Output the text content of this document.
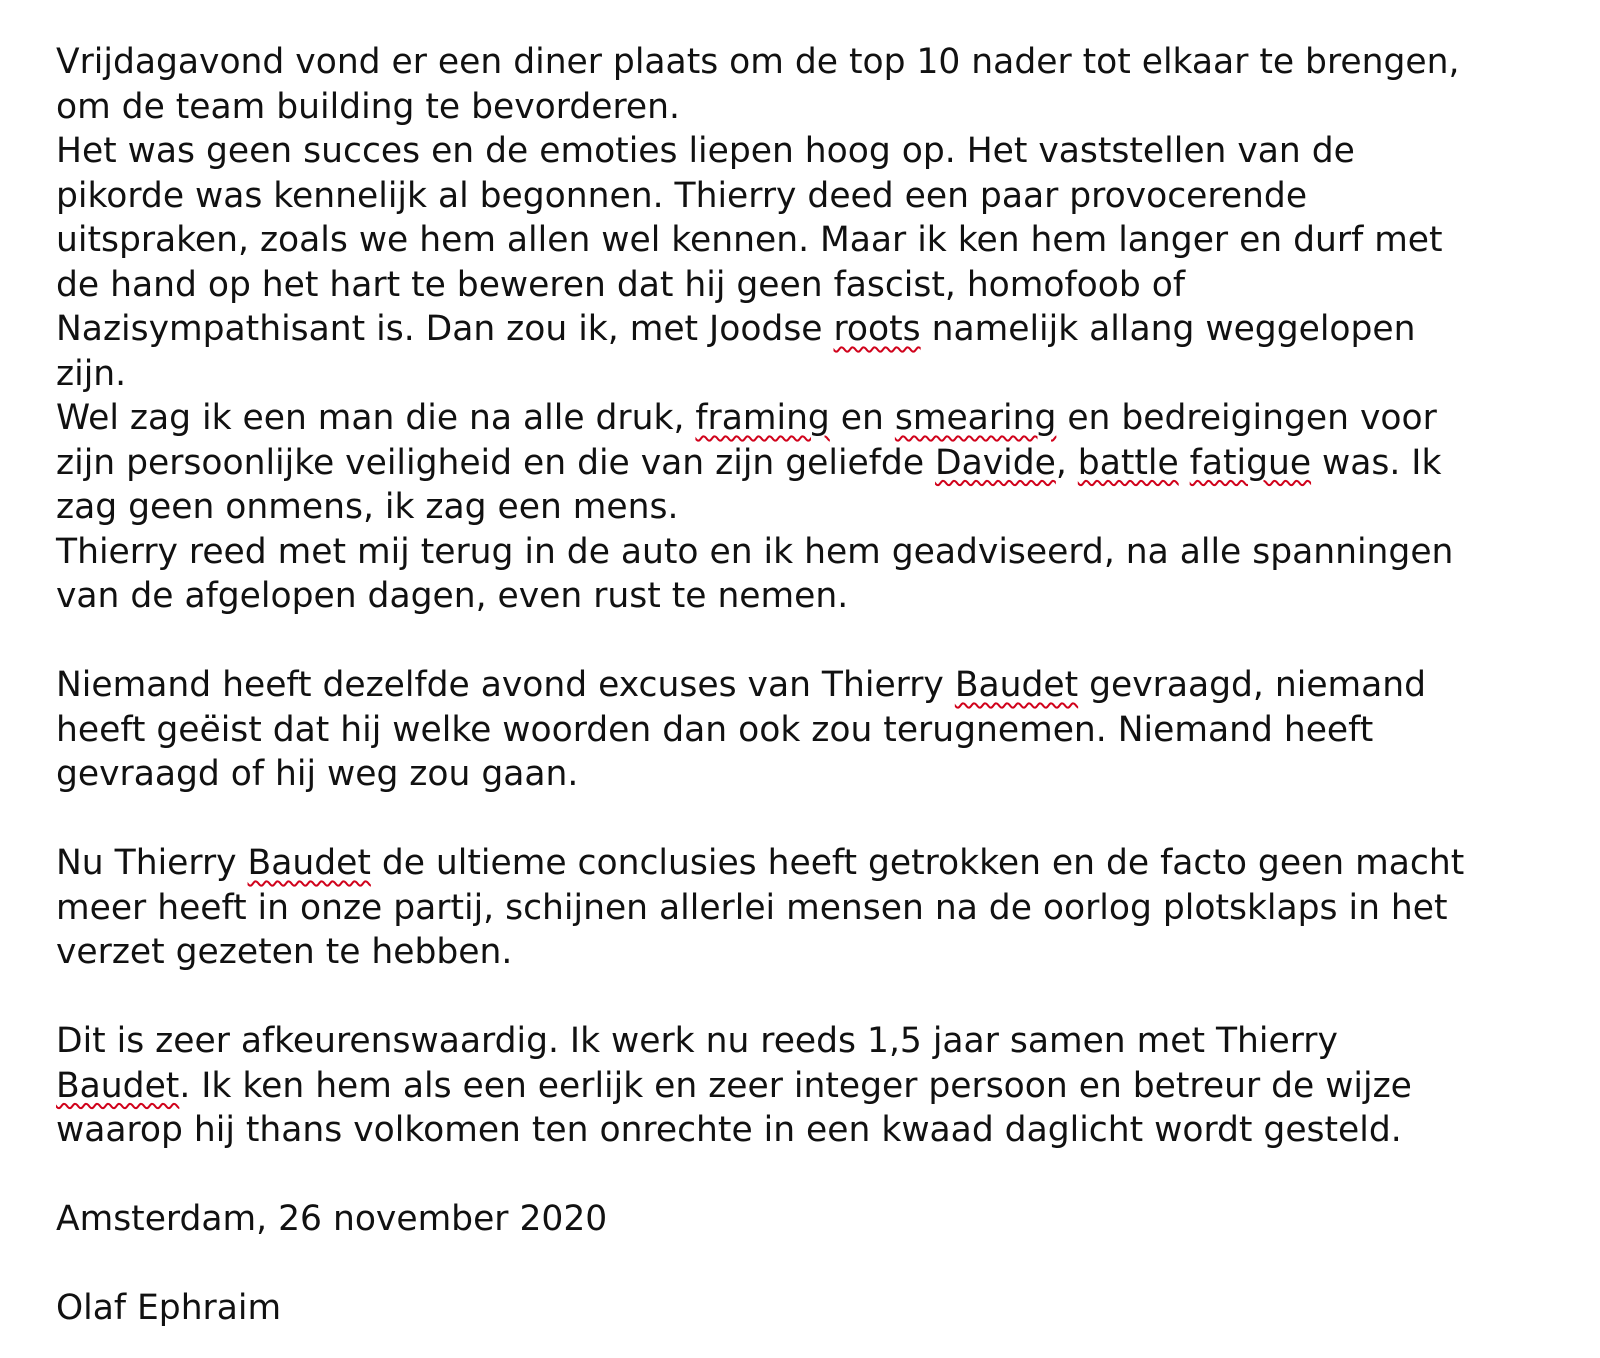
Vrijdagavond vond er een diner plaats om de top 10 nader tot elkaar te brengen,
om de team building te bevorderen.
Het was geen succes en de emoties liepen hoog op. Het vaststellen van de
pikorde was kennelijk al begonnen. Thierry deed een paar provocerende
uitspraken, zoals we hem allen wel kennen. Maar ik ken hem langer en durf met
de hand op het hart te beweren dat hij geen fascist, homofoob of
Nazisympathisant is. Dan zou ik, met Joodse roots namelijk allang weggelopen
zijn.
Wel zag ik een man die na alle druk, framing en smearing en bedreigingen voor
zijn persoonlijke veiligheid en die van zijn geliefde Davide, battle fatigue was. Ik
zag geen onmens, ik zag een mens.
Thierry reed met mij terug in de auto en ik hem geadviseerd, na alle spanningen
van de afgelopen dagen, even rust te nemen.
Niemand heeft dezelfde avond excuses van Thierry Baudet gevraagd, niemand
heeft geëist dat hij welke woorden dan ook zou terugnemen. Niemand heeft
gevraagd of hij weg zou gaan.
Nu Thierry Baudet de ultieme conclusies heeft getrokken en de facto geen macht
meer heeft in onze partij, schijnen allerlei mensen na de oorlog plotsklaps in het
verzet gezeten te hebben.
Dit is zeer afkeurenswaardig. Ik werk nu reeds 1,5 jaar samen met Thierry
Baudet. Ik ken hem als een eerlijk en zeer integer persoon en betreur de wijze
waarop hij thans volkomen ten onrechte in een kwaad daglicht wordt gesteld.
Amsterdam, 26 november 2020
Olaf Ephraim
